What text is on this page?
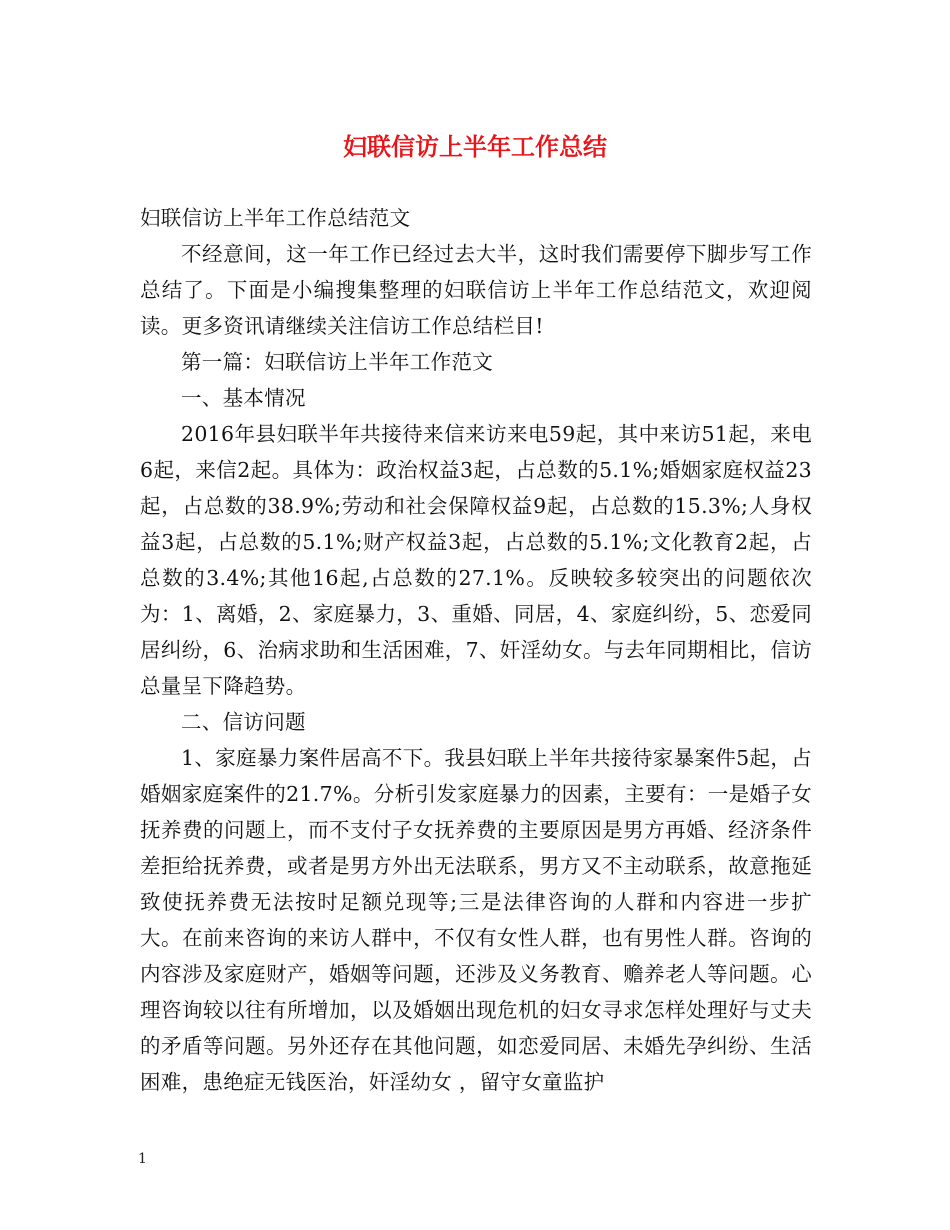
妇联信访上半年工作总结

妇联信访上半年工作总结范文

不经意间，这一年工作已经过去大半，这时我们需要停下脚步写工作总结了。下面是小编搜集整理的妇联信访上半年工作总结范文，欢迎阅读。更多资讯请继续关注信访工作总结栏目!

第一篇：妇联信访上半年工作范文

一、基本情况

2016年县妇联半年共接待来信来访来电59起，其中来访51起，来电6起，来信2起。具体为：政治权益3起，占总数的5.1%;婚姻家庭权益23起，占总数的38.9%;劳动和社会保障权益9起，占总数的15.3%;人身权益3起，占总数的5.1%;财产权益3起，占总数的5.1%;文化教育2起，占总数的3.4%;其他16起,占总数的27.1%。反映较多较突出的问题依次为：1、离婚，2、家庭暴力，3、重婚、同居，4、家庭纠纷，5、恋爱同居纠纷，6、治病求助和生活困难，7、奸淫幼女。与去年同期相比，信访总量呈下降趋势。

二、信访问题

1、家庭暴力案件居高不下。我县妇联上半年共接待家暴案件5起，占婚姻家庭案件的21.7%。分析引发家庭暴力的因素，主要有：一是婚子女抚养费的问题上，而不支付子女抚养费的主要原因是男方再婚、经济条件差拒给抚养费，或者是男方外出无法联系，男方又不主动联系，故意拖延致使抚养费无法按时足额兑现等;三是法律咨询的人群和内容进一步扩大。在前来咨询的来访人群中，不仅有女性人群，也有男性人群。咨询的内容涉及家庭财产，婚姻等问题，还涉及义务教育、赡养老人等问题。心理咨询较以往有所增加，以及婚姻出现危机的妇女寻求怎样处理好与丈夫的矛盾等问题。另外还存在其他问题，如恋爱同居、未婚先孕纠纷、生活困难，患绝症无钱医治，奸淫幼女 ，留守女童监护

1
